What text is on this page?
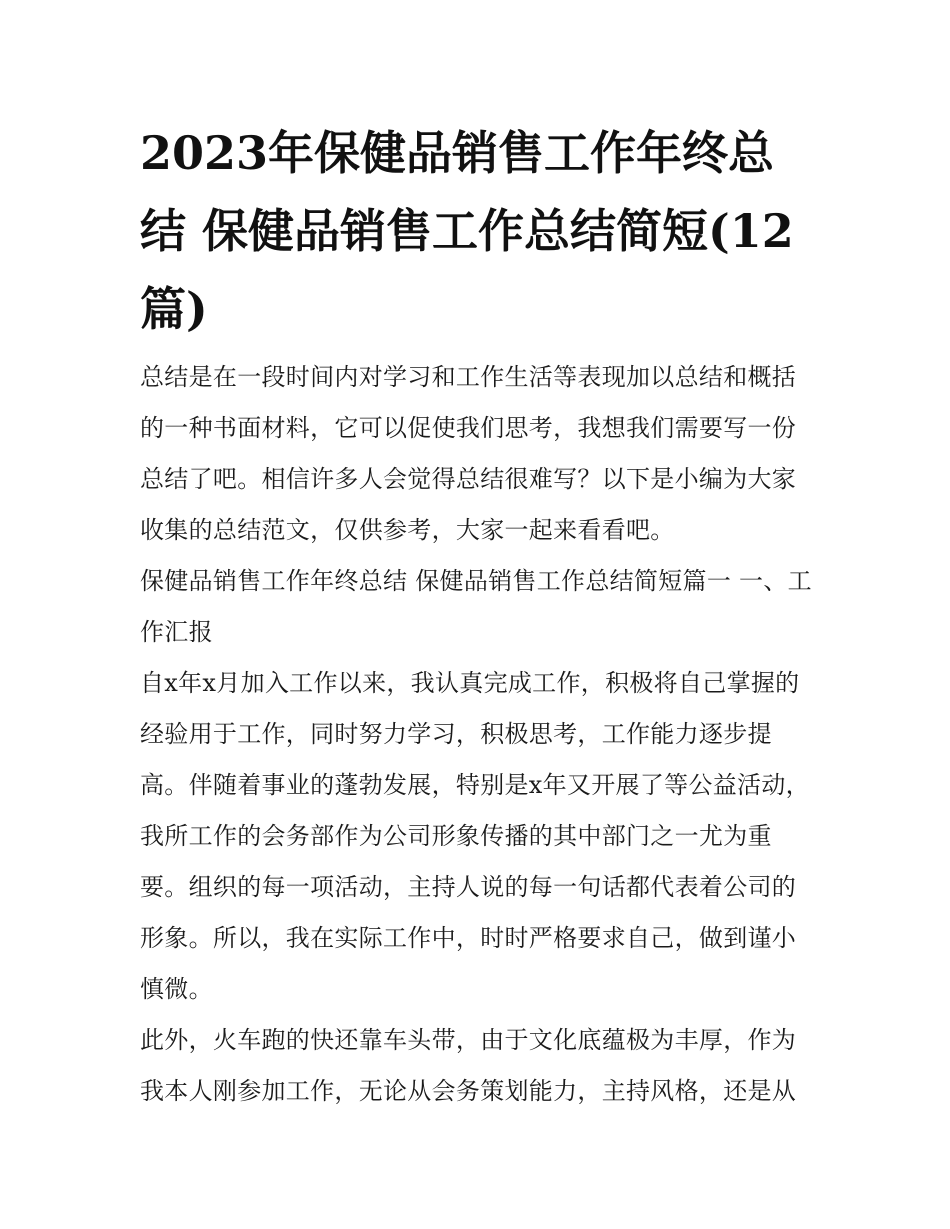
2023年保健品销售工作年终总结 保健品销售工作总结简短(12篇)

总结是在一段时间内对学习和工作生活等表现加以总结和概括的一种书面材料，它可以促使我们思考，我想我们需要写一份总结了吧。相信许多人会觉得总结很难写？以下是小编为大家收集的总结范文，仅供参考，大家一起来看看吧。

保健品销售工作年终总结 保健品销售工作总结简短篇一 一、工作汇报

自x年x月加入工作以来，我认真完成工作，积极将自己掌握的经验用于工作，同时努力学习，积极思考，工作能力逐步提高。伴随着事业的蓬勃发展，特别是x年又开展了等公益活动，我所工作的会务部作为公司形象传播的其中部门之一尤为重要。组织的每一项活动，主持人说的每一句话都代表着公司的形象。所以，我在实际工作中，时时严格要求自己，做到谨小慎微。

此外，火车跑的快还靠车头带，由于文化底蕴极为丰厚，作为我本人刚参加工作，无论从会务策划能力，主持风格，还是从
